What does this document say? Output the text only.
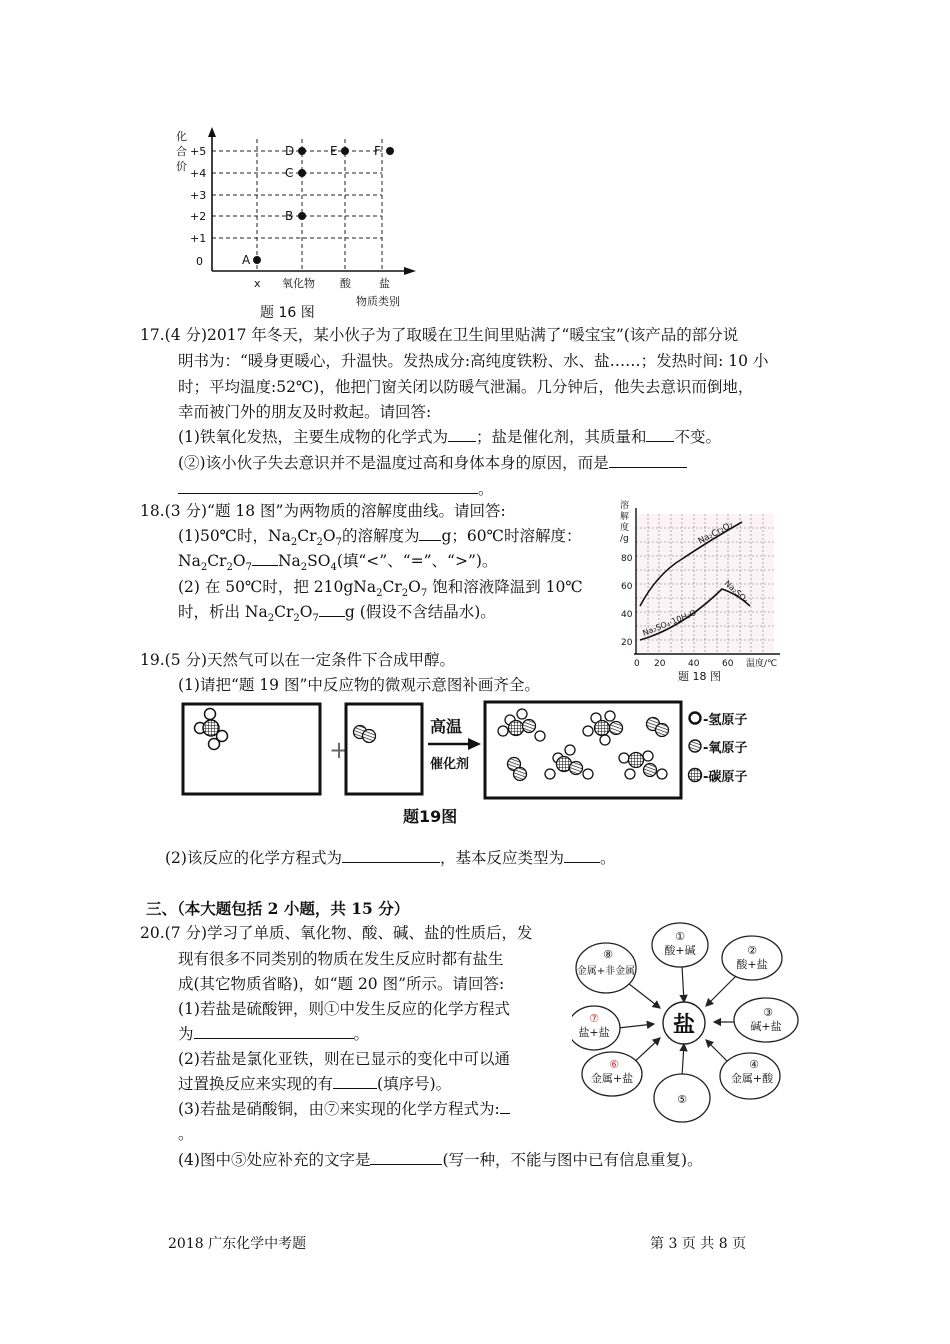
化
合
价
+5
+4
+3
+2
+1
0
x 氧化物 酸	盐
物质类别
A
B
C
D	E	F
题 16 图
17.(4 分)2017 年冬天，某小伙子为了取暖在卫生间里贴满了“暖宝宝”(该产品的部分说
明书为：“暖身更暖心，升温快。发热成分:高纯度铁粉、水、盐……；发热时间: 10 小
时；平均温度:52℃)，他把门窗关闭以防暖气泄漏。几分钟后，他失去意识而倒地，
幸而被门外的朋友及时救起。请回答:
(1)铁氧化发热，主要生成物的化学式为 ；盐是催化剂，其质量和 不变。
(②)该小伙子失去意识并不是温度过高和身体本身的原因，而是
。
18.(3 分)“题 18 图”为两物质的溶解度曲线。请回答:
(1)50℃时，$Na_2Cr_2O_7$的溶解度为 g；60℃时溶解度：
$Na_2Cr_2O_7$ $Na_2SO_4$(填“<”、“=”、“>”)。
(2) 在 50℃时，把 $210gNa_2Cr_2O_7$ 饱和溶液降温到 10℃
时，析出 $Na_2Cr_2O_7$ g (假设不含结晶水)。
溶
解
度
/g
80
60
40
20
0 20	40	60 温度/℃
Na₂Cr₂O₇
Na₂SO₄·10H₂O
Na₂SO₄
题 18 图
19.(5 分)天然气可以在一定条件下合成甲醇。
(1)请把“题 19 图”中反应物的微观示意图补画齐全。
+
高温
催化剂
-氢原子
-氧原子
-碳原子
题19图
(2)该反应的化学方程式为	，基本反应类型为 。
三、（本大题包括 2 小题，共 15 分）
20.(7 分)学习了单质、氧化物、酸、碱、盐的性质后，发
现有很多不同类别的物质在发生反应时都有盐生
成(其它物质省略)，如“题 20 图”所示。请回答:
(1)若盐是硫酸钾，则①中发生反应的化学方程式
为	。
(2)若盐是氯化亚铁，则在已显示的变化中可以通
过置换反应来实现的有	(填序号)。
(3)若盐是硝酸铜，由⑦来实现的化学方程式为:
。
(4)图中⑤处应补充的文字是	(写一种，不能与图中已有信息重复)。
盐
①
酸+碱	②
酸+盐
③
碱+盐
④
金属+酸
⑤
⑥
金属+盐
⑦
盐+盐
⑧
金属+非金属
2018 广东化学中考题	第 3 页 共 8 页
